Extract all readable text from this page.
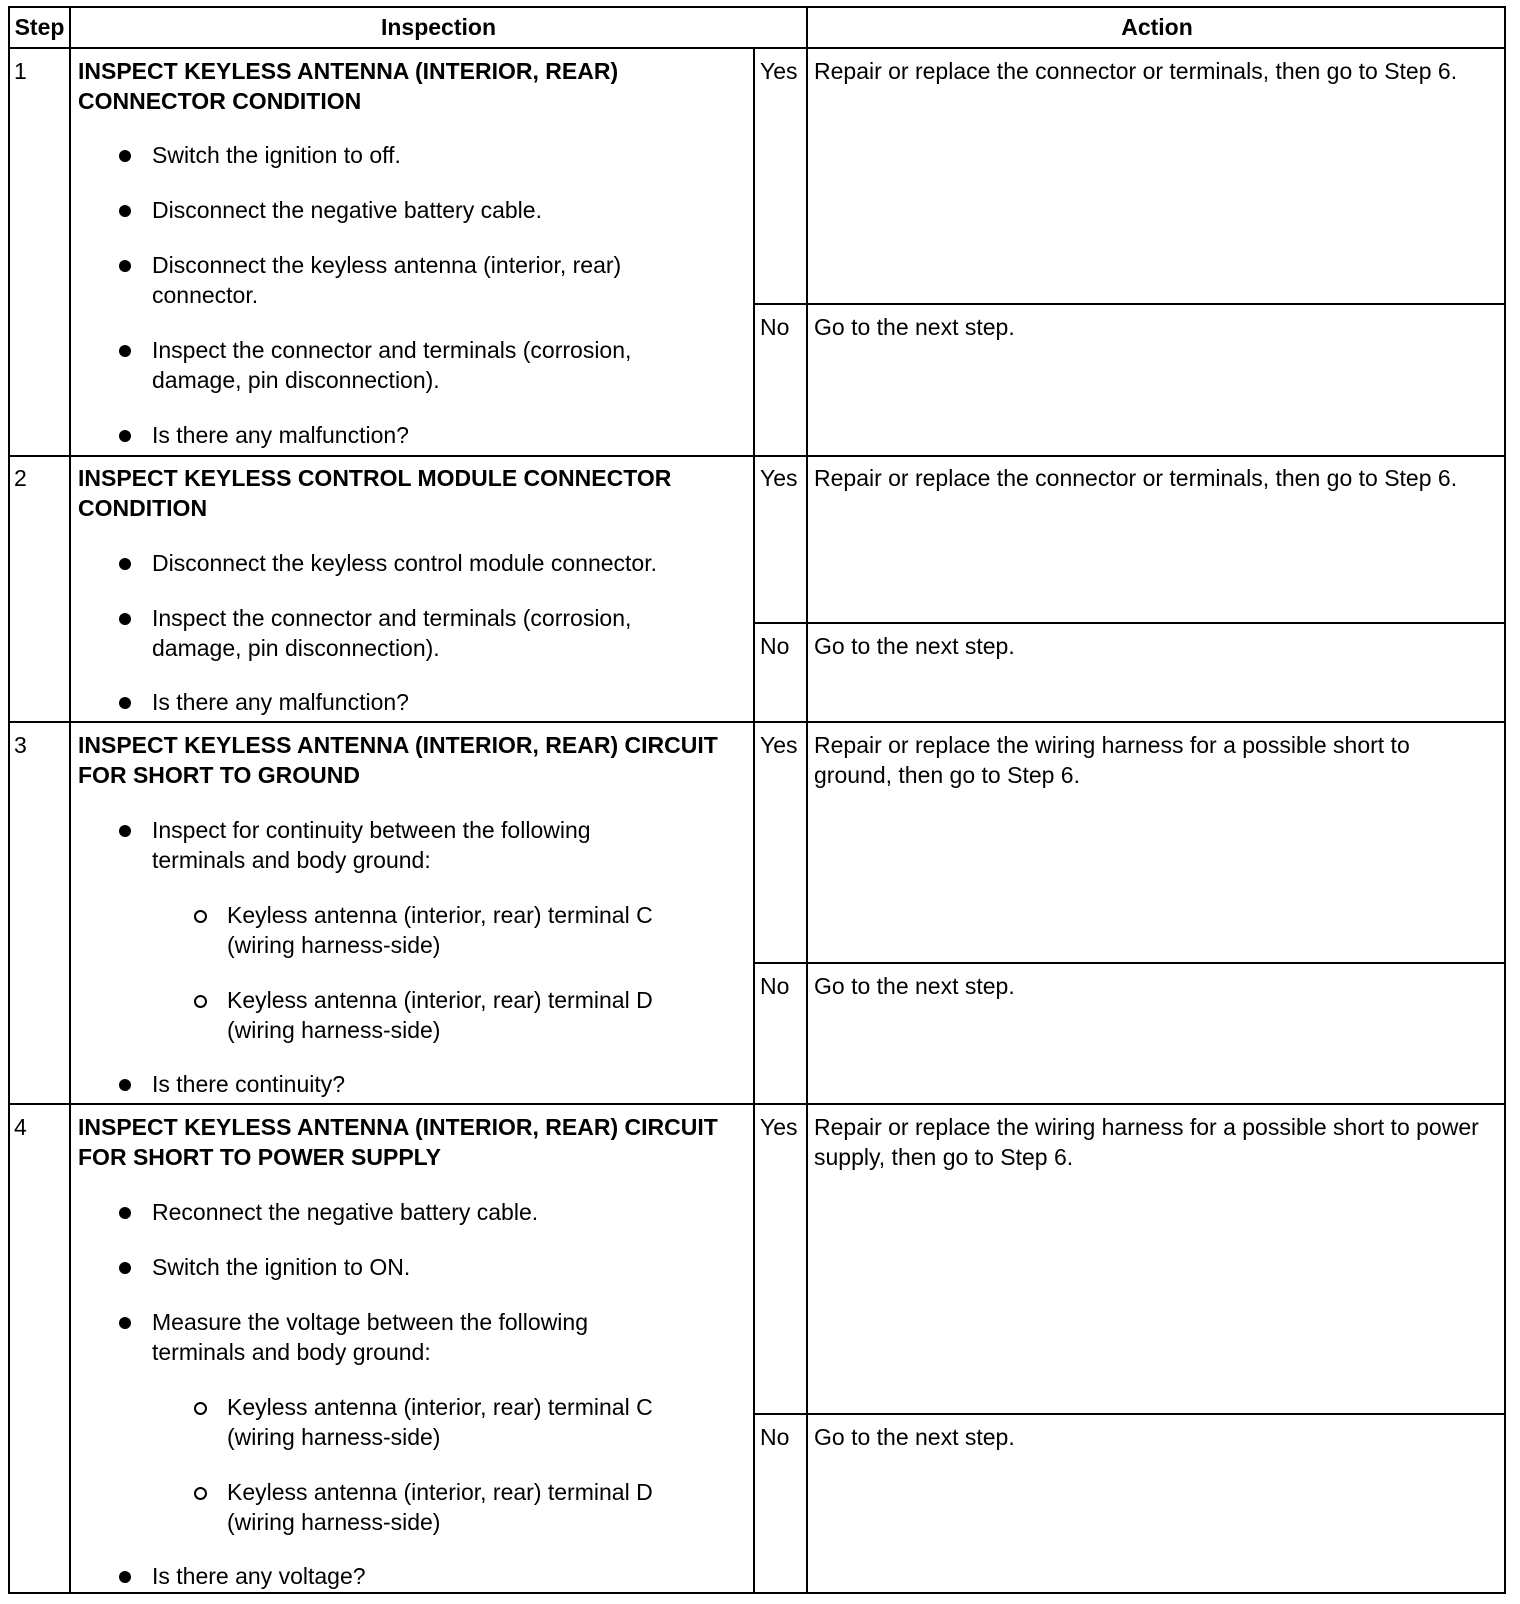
Step	Inspection	Action
1 INSPECT KEYLESS ANTENNA (INTERIOR, REAR) CONNECTOR CONDITION
Switch the ignition to off.
Disconnect the negative battery cable.
Disconnect the keyless antenna (interior, rear) connector.
Inspect the connector and terminals (corrosion, damage, pin disconnection).
Is there any malfunction?
Yes Repair or replace the connector or terminals, then go to Step 6.
No Go to the next step.
2 INSPECT KEYLESS CONTROL MODULE CONNECTOR CONDITION
Disconnect the keyless control module connector.
Inspect the connector and terminals (corrosion, damage, pin disconnection).
Is there any malfunction?
Yes Repair or replace the connector or terminals, then go to Step 6.
No Go to the next step.
3 INSPECT KEYLESS ANTENNA (INTERIOR, REAR) CIRCUIT FOR SHORT TO GROUND
Inspect for continuity between the following terminals and body ground:
Keyless antenna (interior, rear) terminal C (wiring harness-side)
Keyless antenna (interior, rear) terminal D (wiring harness-side)
Is there continuity?
Yes Repair or replace the wiring harness for a possible short to ground, then go to Step 6.
No Go to the next step.
4 INSPECT KEYLESS ANTENNA (INTERIOR, REAR) CIRCUIT FOR SHORT TO POWER SUPPLY
Reconnect the negative battery cable.
Switch the ignition to ON.
Measure the voltage between the following terminals and body ground:
Keyless antenna (interior, rear) terminal C (wiring harness-side)
Keyless antenna (interior, rear) terminal D (wiring harness-side)
Is there any voltage?
Yes Repair or replace the wiring harness for a possible short to power supply, then go to Step 6.
No Go to the next step.
